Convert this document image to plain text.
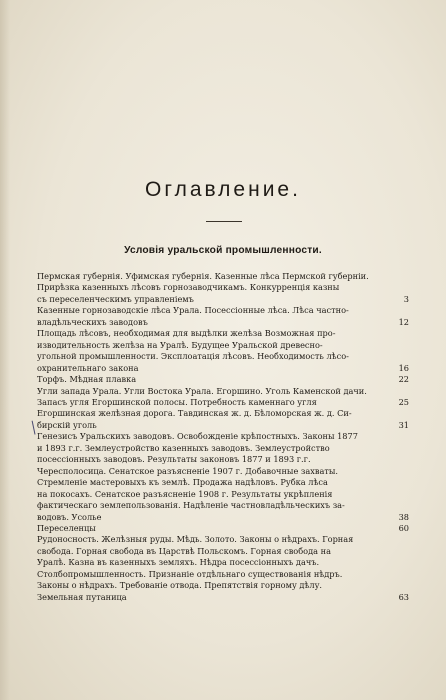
Оглавление.
Условія уральской промышленности.
Пермская губернія. Уфимская губернія. Казенные лѣса Пермской губерніи.
Прирѣзка казенныхъ лѣсовъ горнозаводчикамъ. Конкурренція казны
съ переселенческимъ управленіемъ	3
Казенные горнозаводскіе лѣса Урала. Посессіонные лѣса. Лѣса частно-
владѣльческихъ заводовъ	12
Площадь лѣсовъ, необходимая для выдѣлки желѣза Возможная про-
изводительность желѣза на Уралѣ. Будущее Уральской древесно-
угольной промышленности. Эксплоатація лѣсовъ. Необходимость лѣсо-
охранительнаго закона	16
Торфъ. Мѣдная плавка	22
Угли запада Урала. Угли Востока Урала. Егоршино. Уголь Каменской дачи.
Запасъ угля Егоршинской полосы. Потребность каменнаго угля	25
Егоршинская желѣзная дорога. Тавдинская ж. д. Бѣломорская ж. д. Си-
бирскій уголь	31
Генезисъ Уральскихъ заводовъ. Освобожденіе крѣпостныхъ. Законы 1877
и 1893 г.г. Землеустройство казенныхъ заводовъ. Землеустройство
посессіонныхъ заводовъ. Результаты законовъ 1877 и 1893 г.г.
Чересполосица. Сенатское разъясненіе 1907 г. Добавочные захваты.
Стремленіе мастеровыхъ къ землѣ. Продажа надѣловъ. Рубка лѣса
на покосахъ. Сенатское разъясненіе 1908 г. Результаты укрѣпленія
фактическаго землепользованія. Надѣленіе частновладѣльческихъ за-
водовъ. Усолье	38
Переселенцы	60
Рудоносность. Желѣзныя руды. Мѣдь. Золото. Законы о нѣдрахъ. Горная
свобода. Горная свобода въ Царствѣ Польскомъ. Горная свобода на
Уралѣ. Казна въ казенныхъ земляхъ. Нѣдра посессіонныхъ дачъ.
Столбопромышленность. Признаніе отдѣльнаго существованія нѣдръ.
Законы о нѣдрахъ. Требованіе отвода. Препятствія горному дѣлу.
Земельная путаница	63
